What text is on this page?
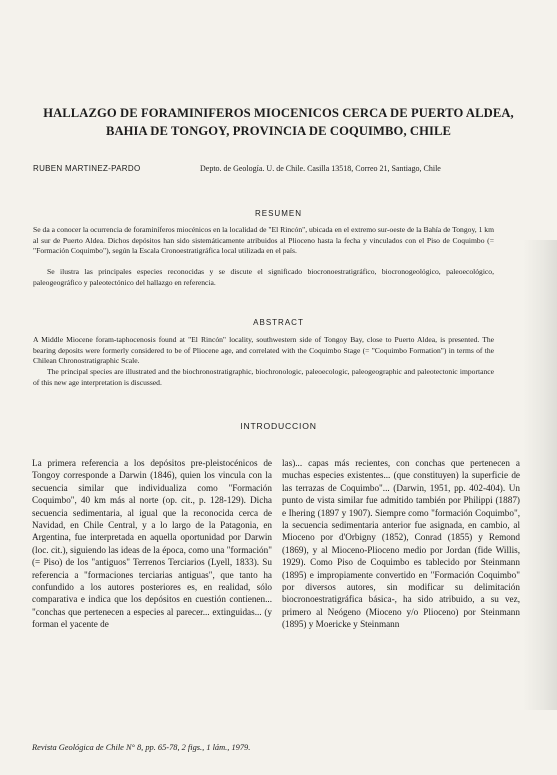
HALLAZGO DE FORAMINIFEROS MIOCENICOS CERCA DE PUERTO ALDEA,
BAHIA DE TONGOY, PROVINCIA DE COQUIMBO, CHILE
RUBEN MARTINEZ-PARDO	Depto. de Geología. U. de Chile. Casilla 13518, Correo 21, Santiago, Chile
RESUMEN
Se da a conocer la ocurrencia de foraminíferos miocénicos en la localidad de "El Rincón", ubicada en el extremo sur-oeste de la Bahía de Tongoy, 1 km al sur de Puerto Aldea. Dichos depósitos han sido sistemáticamente atribuidos al Plioceno hasta la fecha y vinculados con el Piso de Coquimbo (= "Formación Coquimbo"), según la Escala Cronoestratigráfica local utilizada en el país.
Se ilustra las principales especies reconocidas y se discute el significado biocronoestratigráfico, biocronogeológico, paleoecológico, paleogeográfico y paleotectónico del hallazgo en referencia.
ABSTRACT
A Middle Miocene foram-taphocenosis found at "El Rincón" locality, southwestern side of Tongoy Bay, close to Puerto Aldea, is presented. The bearing deposits were formerly considered to be of Pliocene age, and correlated with the Coquimbo Stage (= "Coquimbo Formation") in terms of the Chilean Chronostratigraphic Scale.
The principal species are illustrated and the biochronostratigraphic, biochronologic, paleoecologic, paleogeographic and paleotectonic importance of this new age interpretation is discussed.
INTRODUCCION

La primera referencia a los depósitos pre-pleistocénicos de Tongoy corresponde a Darwin (1846), quien los vincula con la secuencia similar que individualiza como "Formación Coquimbo", 40 km más al norte (op. cit., p. 128-129). Dicha secuencia sedimentaria, al igual que la reconocida cerca de Navidad, en Chile Central, y a lo largo de la Patagonia, en Argentina, fue interpretada en aquella oportunidad por Darwin (loc. cit.), siguiendo las ideas de la época, como una "formación" (= Piso) de los "antiguos" Terrenos Terciarios (Lyell, 1833). Su referencia a "formaciones terciarias antiguas", que tanto ha confundido a los autores posteriores es, en realidad, sólo comparativa e indica que los depósitos en cuestión contienen... "conchas que pertenecen a especies al parecer... extinguidas... (y forman el yacente de

las)... capas más recientes, con conchas que pertenecen a muchas especies existentes... (que constituyen) la superficie de las terrazas de Coquimbo"... (Darwin, 1951, pp. 402-404). Un punto de vista similar fue admitido también por Philippi (1887) e Ihering (1897 y 1907). Siempre como "formación Coquimbo", la secuencia sedimentaria anterior fue asignada, en cambio, al Mioceno por d'Orbigny (1852), Conrad (1855) y Remond (1869), y al Mioceno-Plioceno medio por Jordan (fide Willis, 1929). Como Piso de Coquimbo es tablecido por Steinmann (1895) e impropiamente convertido en "Formación Coquimbo" por diversos autores, sin modificar su delimitación biocronoestratigráfica básica-, ha sido atribuido, a su vez, primero al Neógeno (Mioceno y/o Plioceno) por Steinmann (1895) y Moericke y Steinmann

Revista Geológica de Chile N° 8, pp. 65-78, 2 figs., 1 lám., 1979.
